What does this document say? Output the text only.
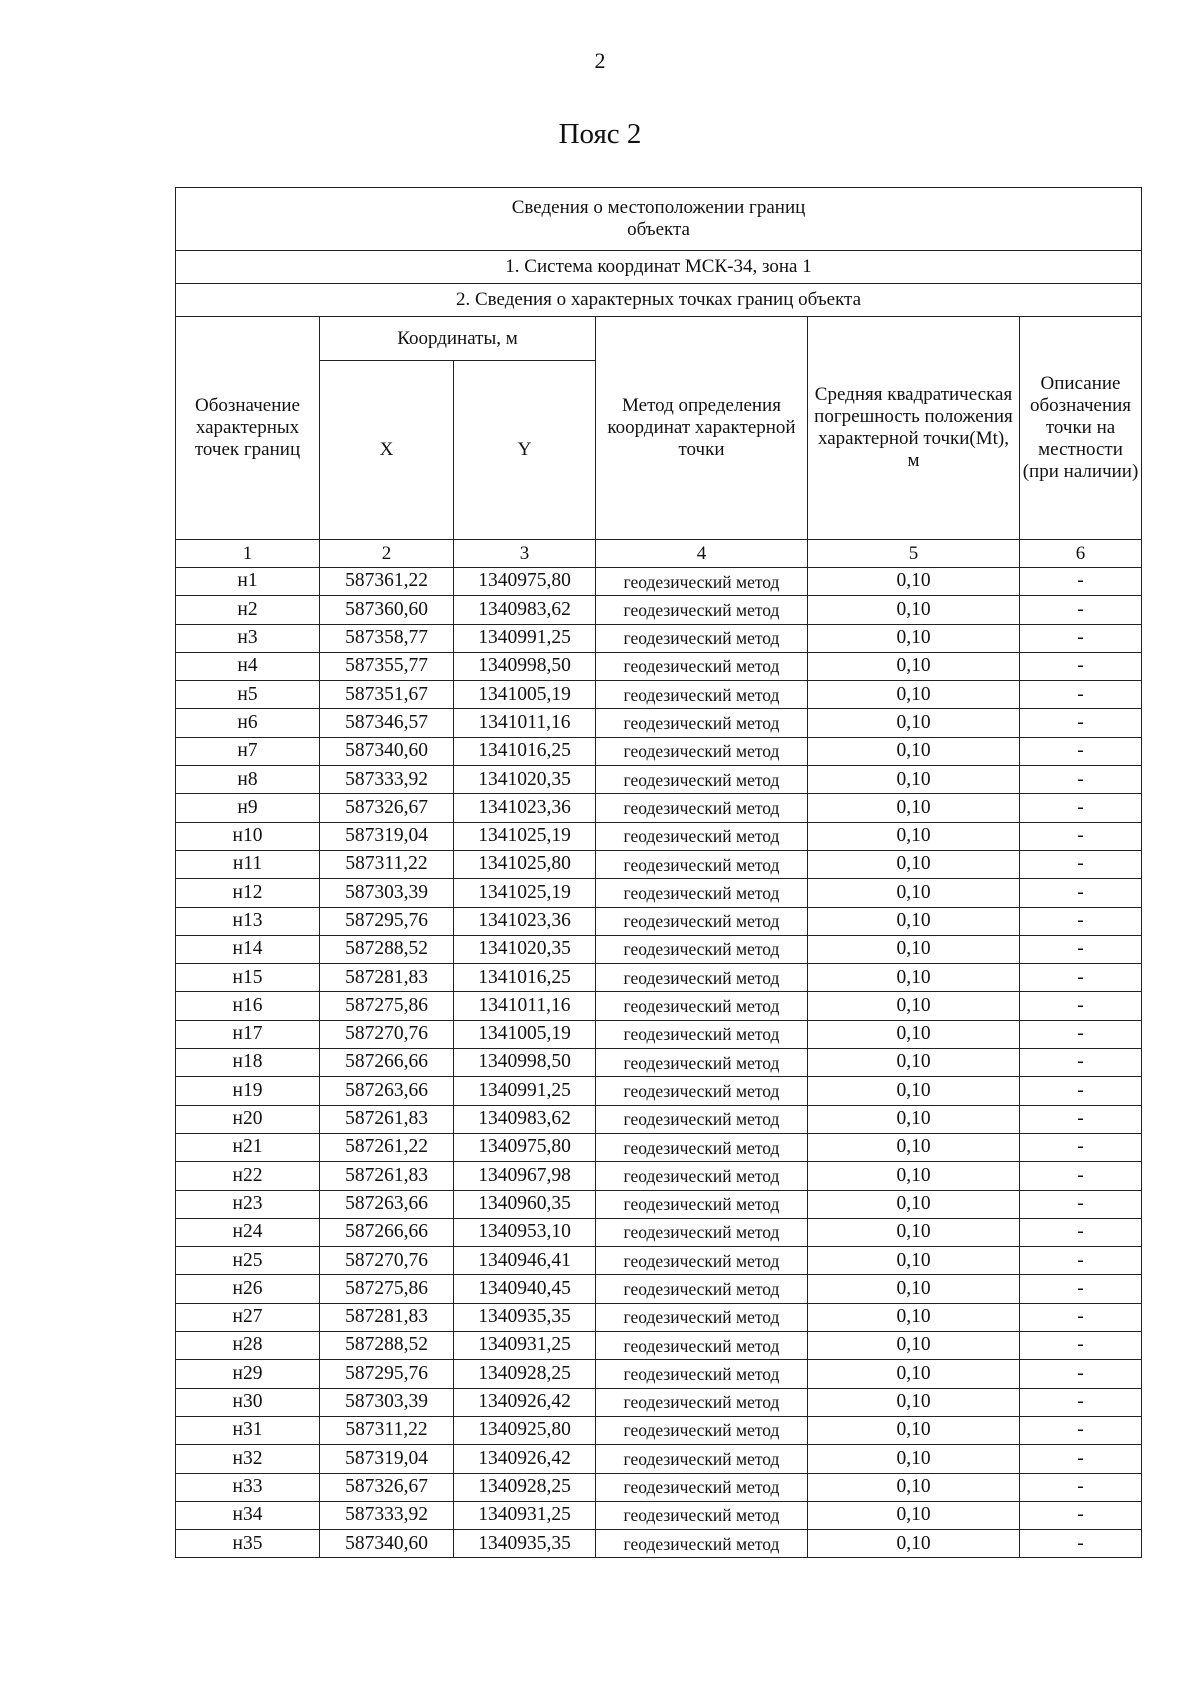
2
Пояс 2
Сведения о местоположении границ
объекта					

1. Система координат МСК-34, зона 1					
2. Сведения о характерных точках границ объекта					
Обозначение характерных точек границ	Координаты, м		Метод определения координат характерной точки	Средняя квадратическая погрешность положения характерной точки(Mt), м	Описание обозначения точки на местности (при наличии)
	X	Y			
1	2	3	4	5	6
н1	587361,22	1340975,80	геодезический метод	0,10	-
н2	587360,60	1340983,62	геодезический метод	0,10	-
н3	587358,77	1340991,25	геодезический метод	0,10	-
н4	587355,77	1340998,50	геодезический метод	0,10	-
н5	587351,67	1341005,19	геодезический метод	0,10	-
н6	587346,57	1341011,16	геодезический метод	0,10	-
н7	587340,60	1341016,25	геодезический метод	0,10	-
н8	587333,92	1341020,35	геодезический метод	0,10	-
н9	587326,67	1341023,36	геодезический метод	0,10	-
н10	587319,04	1341025,19	геодезический метод	0,10	-
н11	587311,22	1341025,80	геодезический метод	0,10	-
н12	587303,39	1341025,19	геодезический метод	0,10	-
н13	587295,76	1341023,36	геодезический метод	0,10	-
н14	587288,52	1341020,35	геодезический метод	0,10	-
н15	587281,83	1341016,25	геодезический метод	0,10	-
н16	587275,86	1341011,16	геодезический метод	0,10	-
н17	587270,76	1341005,19	геодезический метод	0,10	-
н18	587266,66	1340998,50	геодезический метод	0,10	-
н19	587263,66	1340991,25	геодезический метод	0,10	-
н20	587261,83	1340983,62	геодезический метод	0,10	-
н21	587261,22	1340975,80	геодезический метод	0,10	-
н22	587261,83	1340967,98	геодезический метод	0,10	-
н23	587263,66	1340960,35	геодезический метод	0,10	-
н24	587266,66	1340953,10	геодезический метод	0,10	-
н25	587270,76	1340946,41	геодезический метод	0,10	-
н26	587275,86	1340940,45	геодезический метод	0,10	-
н27	587281,83	1340935,35	геодезический метод	0,10	-
н28	587288,52	1340931,25	геодезический метод	0,10	-
н29	587295,76	1340928,25	геодезический метод	0,10	-
н30	587303,39	1340926,42	геодезический метод	0,10	-
н31	587311,22	1340925,80	геодезический метод	0,10	-
н32	587319,04	1340926,42	геодезический метод	0,10	-
н33	587326,67	1340928,25	геодезический метод	0,10	-
н34	587333,92	1340931,25	геодезический метод	0,10	-
н35	587340,60	1340935,35	геодезический метод	0,10	-
